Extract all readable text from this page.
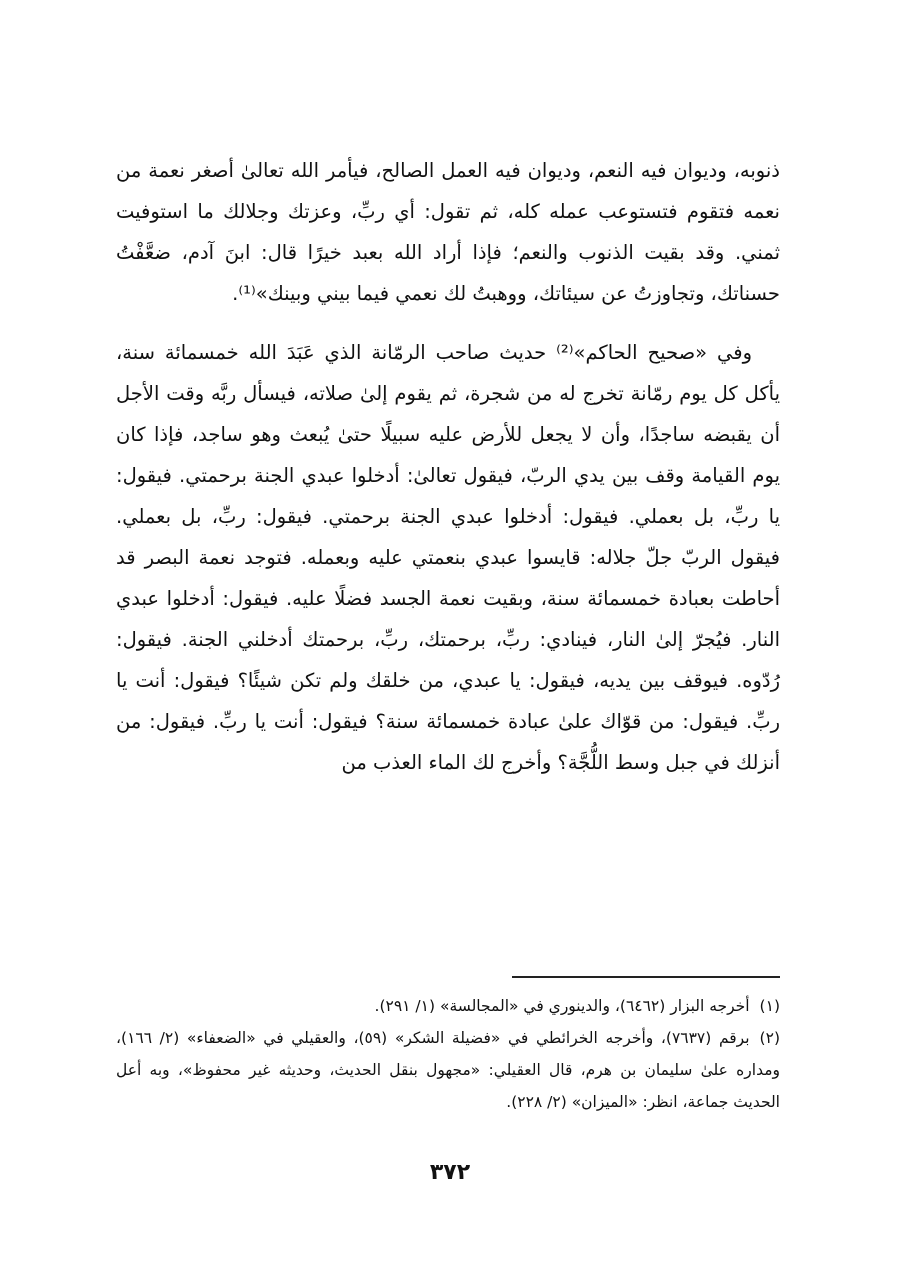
ذنوبه، وديوان فيه النعم، وديوان فيه العمل الصالح، فيأمر الله تعالىٰ أصغر نعمة من نعمه فتقوم فتستوعب عمله كله، ثم تقول: أي ربِّ، وعزتك وجلالك ما استوفيت ثمني. وقد بقيت الذنوب والنعم؛ فإذا أراد الله بعبد خيرًا قال: ابنَ آدم، ضعَّفْتُ حسناتك، وتجاوزتُ عن سيئاتك، ووهبتُ لك نعمي فيما بيني وبينك»⁽¹⁾.

وفي «صحيح الحاكم»⁽²⁾ حديث صاحب الرمّانة الذي عَبَدَ الله خمسمائة سنة، يأكل كل يوم رمّانة تخرج له من شجرة، ثم يقوم إلىٰ صلاته، فيسأل ربَّه وقت الأجل أن يقبضه ساجدًا، وأن لا يجعل للأرض عليه سبيلًا حتىٰ يُبعث وهو ساجد، فإذا كان يوم القيامة وقف بين يدي الربّ، فيقول تعالىٰ: أدخلوا عبدي الجنة برحمتي. فيقول: يا ربِّ، بل بعملي. فيقول: أدخلوا عبدي الجنة برحمتي. فيقول: ربِّ، بل بعملي. فيقول الربّ جلّ جلاله: قايسوا عبدي بنعمتي عليه وبعمله. فتوجد نعمة البصر قد أحاطت بعبادة خمسمائة سنة، وبقيت نعمة الجسد فضلًا عليه. فيقول: أدخلوا عبدي النار. فيُجرّ إلىٰ النار، فينادي: ربِّ، برحمتك، ربِّ، برحمتك أدخلني الجنة. فيقول: رُدّوه. فيوقف بين يديه، فيقول: يا عبدي، من خلقك ولم تكن شيئًا؟ فيقول: أنت يا ربِّ. فيقول: من قوّاك علىٰ عبادة خمسمائة سنة؟ فيقول: أنت يا ربِّ. فيقول: من أنزلك في جبل وسط اللُّجَّة؟ وأخرج لك الماء العذب من

(١)أخرجه البزار (٦٤٦٢)، والدينوري في «المجالسة» (١/ ٢٩١).

(٢)برقم (٧٦٣٧)، وأخرجه الخرائطي في «فضيلة الشكر» (٥٩)، والعقيلي في «الضعفاء» (٢/ ١٦٦)، ومداره علىٰ سليمان بن هرم، قال العقيلي: «مجهول بنقل الحديث، وحديثه غير محفوظ»، وبه أعل الحديث جماعة، انظر: «الميزان» (٢/ ٢٢٨).

٣٧٢
